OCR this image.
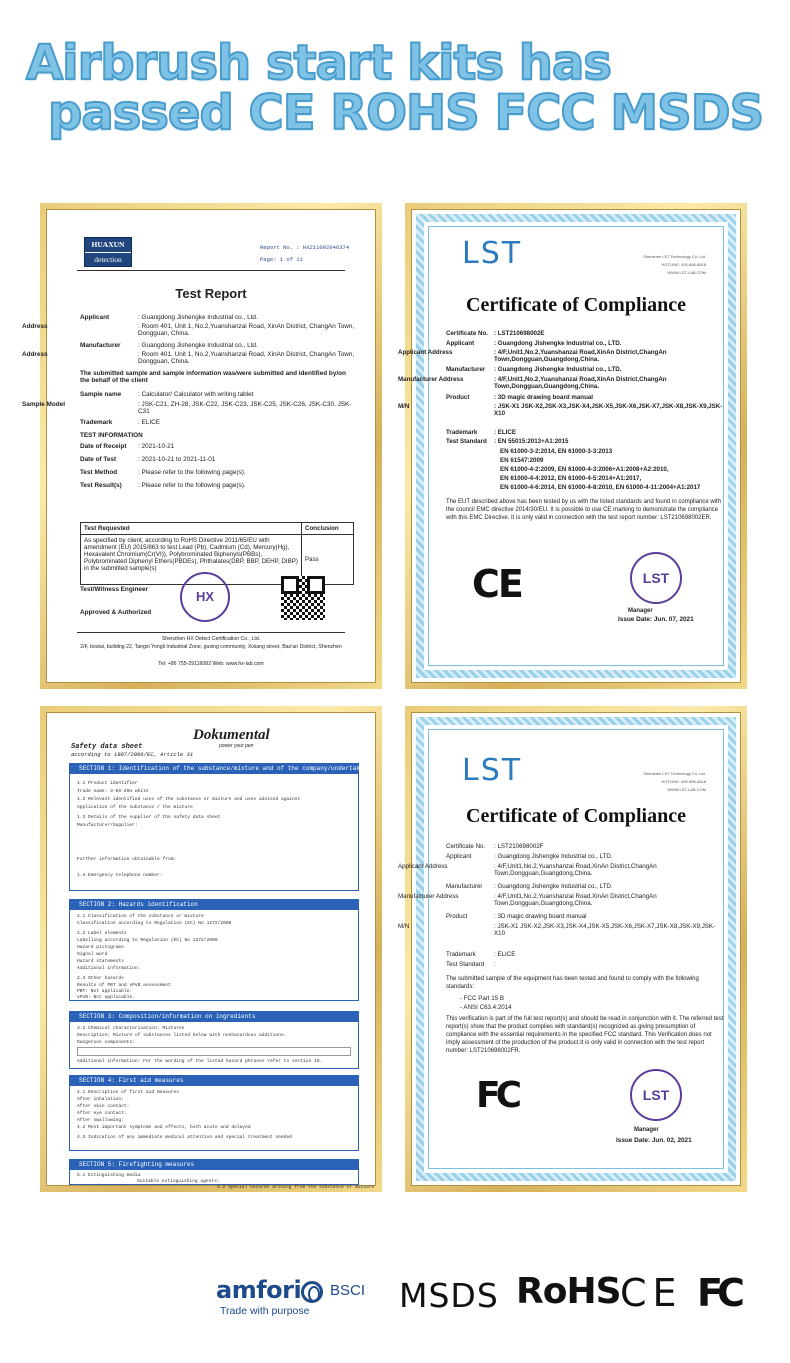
Airbrush start kits has
passed CE ROHS FCC MSDS
HUAXUN
detection
Report No. : HX211002046374
Page: 1 of 11
Test Report
Applicant	: Guangdong Jishengke Industrial co., Ltd.
Address	: Room 401, Unit 1, No.2,Yuanshanzai Road, XinAn District, ChangAn Town, Dongguan, China.
Manufacturer	: Guangdong Jishengke Industrial co., Ltd.
Address	: Room 401, Unit 1, No.2,Yuanshanzai Road, XinAn District, ChangAn Town, Dongguan, China.
The submitted sample and sample information was/were submitted and identified by/on the behalf of the client
Sample name	: Calculator/ Calculator with writing tablet
Sample Model	: JSK-C21, ZH-28, JSK-C22, JSK-C23, JSK-C25, JSK-C26, JSK-C30, JSK-C31
Trademark	: ELICE
TEST INFORMATION
Date of Receipt : 2021-10-21
Date of Test	: 2021-10-21 to 2021-11-01
Test Method	: Please refer to the following page(s).
Test Result(s)	: Please refer to the following page(s).
Test Requested	Conclusion
As specified by client, according to RoHS Directive 2011/65/EU with amendment (EU) 2015/863 to test Lead (Pb), Cadmium (Cd), Mercury(Hg), Hexavalent Chromium(Cr(VI)), Polybrominated Biphenyls(PBBs), Polybrominated Diphenyl Ethers(PBDEs), Phthalates(DBP, BBP, DEHP, DIBP) in the submitted sample(s)	Pass
Test/Witness Engineer
Approved & Authorized
HX
Shenzhen HX Detect Certification Co., Ltd.
2/F, bostai, building 22, Tangxi Yongli Industrial Zone, guxing community, Xixiang street, Bao'an District, Shenzhen
Tel: +86 755-29116082 Web: www.hx-lab.com
LST	Shenzhen LST Technology Co.,Ltd.
HOTLINE: 400-896-8618
WWW.LST-LAB.COM
Certificate of Compliance
Certificate No. : LST210698002E
Applicant	: Guangdong Jishengke Industrial co., LTD.
Applicant Address	: 4/F,Unit1,No.2,Yuanshanzai Road,XinAn District,ChangAn Town,Dongguan,Guangdong,China.
Manufacturer : Guangdong Jishengke Industrial co., LTD.
Manufacturer Address	: 4/F,Unit1,No.2,Yuanshanzai Road,XinAn District,ChangAn Town,Dongguan,Guangdong,China.
Product	: 3D magic drawing board manual
M/N	: JSK-X1 JSK-X2,JSK-X3,JSK-X4,JSK-X5,JSK-X6,JSK-X7,JSK-X8,JSK-X9,JSK-X10
Trademark	: ELICE
Test Standard : EN 55015:2013+A1:2015
EN 61000-3-2:2014, EN 61000-3-3:2013
EN 61547:2009
EN 61000-4-2:2009, EN 61000-4-3:2006+A1:2008+A2:2010,
EN 61000-4-4:2012, EN 61000-4-5:2014+A1:2017,
EN 61000-4-6:2014, EN 61000-4-8:2010, EN 61000-4-11:2004+A1:2017
The EUT described above has been tested by us with the listed standards and found in compliance with the council EMC directive 2014/30/EU. It is possible to use CE marking to demonstrate the compliance with this EMC Directive. It is only valid in connection with the test report number: LST210698002ER.
CE	LST
Manager
Issue Date: Jun. 07, 2021
Safety data sheet
according to 1907/2006/EC, Article 31
Dokumental
power your pen
SECTION 1: Identification of the substance/mixture and of the company/undertaking
1.1 Product identifier
Trade name: 3-KS-ZHU white
1.2 Relevant identified uses of the substance or mixture and uses advised against
Application of the substance / the mixture
1.3 Details of the supplier of the safety data sheet
Manufacturer/Supplier:
Further information obtainable from:
1.4 Emergency telephone number:
SECTION 2: Hazards identification
2.1 Classification of the substance or mixture
Classification according to Regulation (EC) No 1272/2008
2.2 Label elements
Labelling according to Regulation (EC) No 1272/2008
Hazard pictograms
Signal word
Hazard statements
Additional information:
2.3 Other hazards
Results of PBT and vPvB assessment
PBT: Not applicable.
vPvB: Not applicable.
SECTION 3: Composition/information on ingredients
3.2 Chemical characterisation: Mixtures
Description: Mixture of substances listed below with nonhazardous additions.
Dangerous components:
Additional information: For the wording of the listed hazard phrases refer to section 16.
SECTION 4: First aid measures
4.1 Description of first aid measures
After inhalation:
After skin contact:
After eye contact:
After swallowing:
4.2 Most important symptoms and effects, both acute and delayed
4.3 Indication of any immediate medical attention and special treatment needed
SECTION 5: Firefighting measures
5.1 Extinguishing media
Suitable extinguishing agents:
5.2 Special hazards arising from the substance or mixture
LST	Shenzhen LST Technology Co.,Ltd.
HOTLINE: 400-896-8618
WWW.LST-LAB.COM
Certificate of Compliance
Certificate No. : LST210698002F
Applicant	: Guangdong Jishengke Industrial co., LTD.
Applicant Address	: 4/F,Unit1,No.2,Yuanshanzai Road,XinAn District,ChangAn Town,Dongguan,Guangdong,China.
Manufacturer : Guangdong Jishengke Industrial co., LTD.
Manufacturer Address	: 4/F,Unit1,No.2,Yuanshanzai Road,XinAn District,ChangAn Town,Dongguan,Guangdong,China.
Product	: 3D magic drawing board manual
M/N	: JSK-X1 JSK-X2,JSK-X3,JSK-X4,JSK-X5,JSK-X6,JSK-X7,JSK-X8,JSK-X9,JSK-X10
Trademark	: ELICE
Test Standard :
The submitted sample of the equipment has been tested and found to comply with the following standards:
- FCC Part 15 B
- ANSI C63.4:2014
This verification is part of the full test report(s) and should be read in conjunction with it. The referred test report(s) show that the product complies with standard(s) recognized as giving presumption of compliance with the essential requirements in the specified FCC standard. This Verification does not imply assessment of the production of the product.It is only valid in connection with the test report number: LST210698002FR.
FC	LST
Manager
Issue Date: Jun. 02, 2021
amfori BSCI
Trade with purpose	MSDS RoHS CE FC
